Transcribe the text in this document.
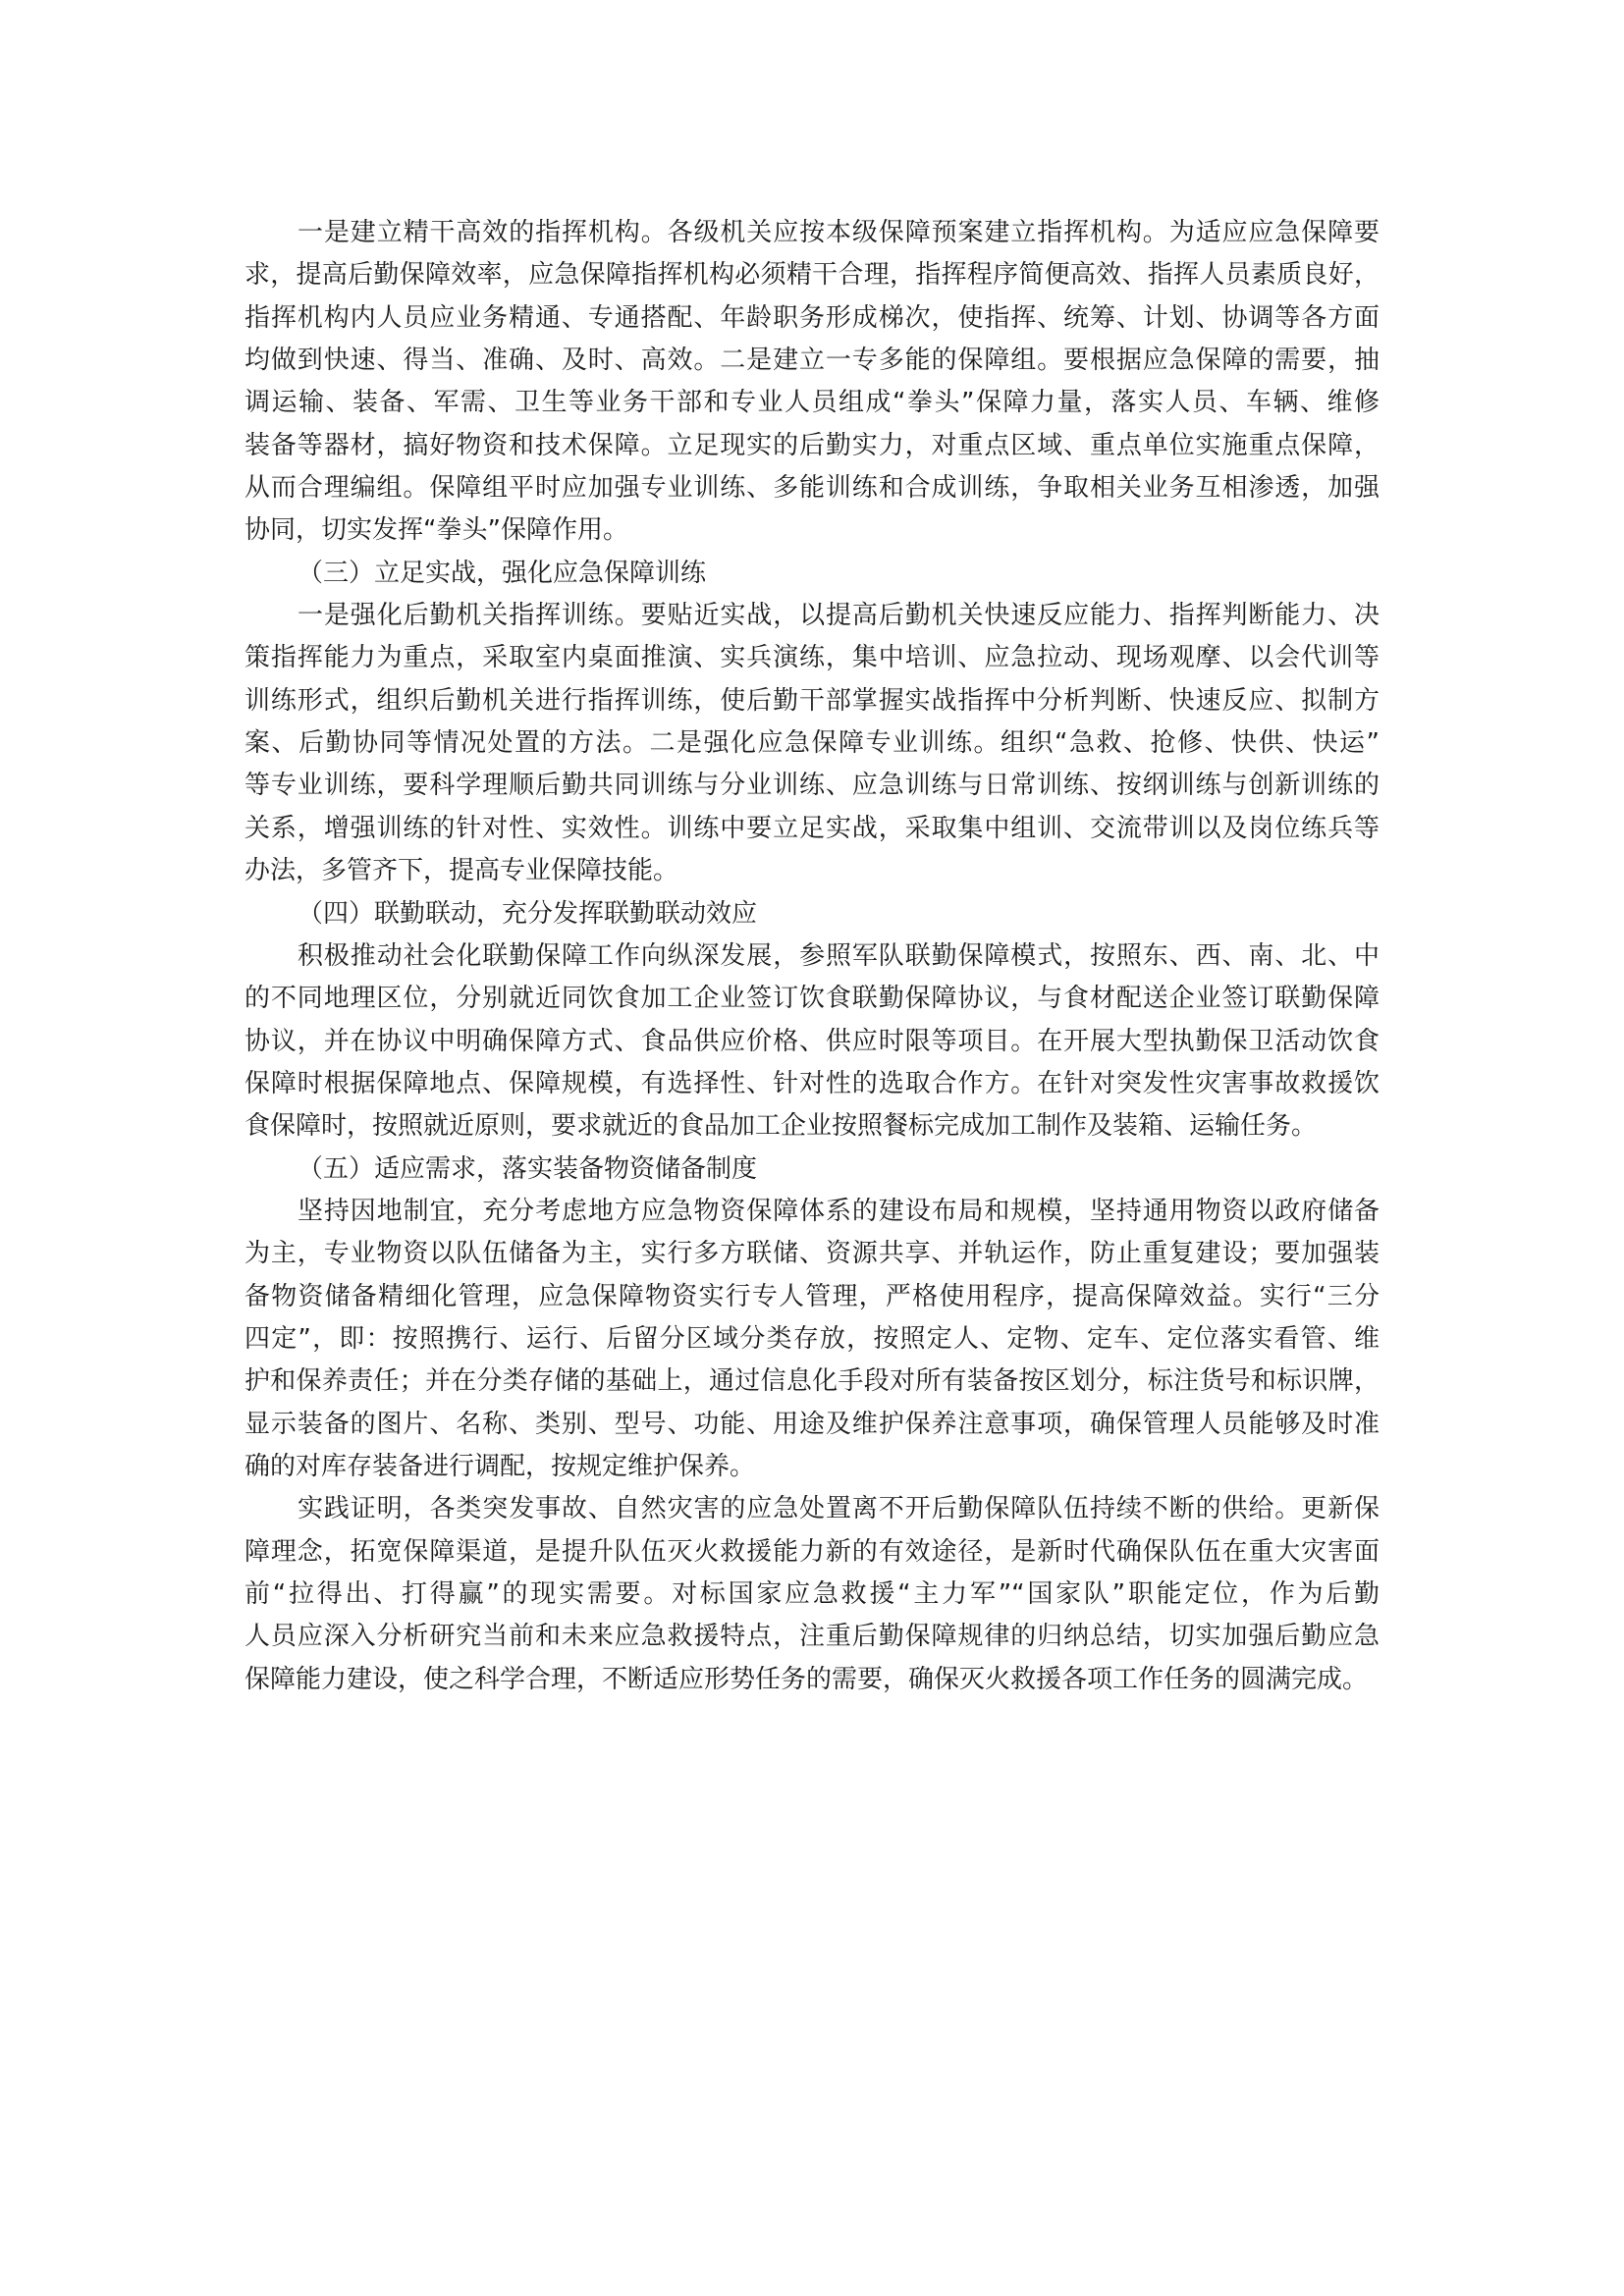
一是建立精干高效的指挥机构。各级机关应按本级保障预案建立指挥机构。为适应应急保障要
求，提高后勤保障效率，应急保障指挥机构必须精干合理，指挥程序简便高效、指挥人员素质良好，
指挥机构内人员应业务精通、专通搭配、年龄职务形成梯次，使指挥、统筹、计划、协调等各方面
均做到快速、得当、准确、及时、高效。二是建立一专多能的保障组。要根据应急保障的需要，抽
调运输、装备、军需、卫生等业务干部和专业人员组成“拳头”保障力量，落实人员、车辆、维修
装备等器材，搞好物资和技术保障。立足现实的后勤实力，对重点区域、重点单位实施重点保障，
从而合理编组。保障组平时应加强专业训练、多能训练和合成训练，争取相关业务互相渗透，加强
协同，切实发挥“拳头”保障作用。
（三）立足实战，强化应急保障训练
一是强化后勤机关指挥训练。要贴近实战，以提高后勤机关快速反应能力、指挥判断能力、决
策指挥能力为重点，采取室内桌面推演、实兵演练，集中培训、应急拉动、现场观摩、以会代训等
训练形式，组织后勤机关进行指挥训练，使后勤干部掌握实战指挥中分析判断、快速反应、拟制方
案、后勤协同等情况处置的方法。二是强化应急保障专业训练。组织“急救、抢修、快供、快运”
等专业训练，要科学理顺后勤共同训练与分业训练、应急训练与日常训练、按纲训练与创新训练的
关系，增强训练的针对性、实效性。训练中要立足实战，采取集中组训、交流带训以及岗位练兵等
办法，多管齐下，提高专业保障技能。
（四）联勤联动，充分发挥联勤联动效应
积极推动社会化联勤保障工作向纵深发展，参照军队联勤保障模式，按照东、西、南、北、中
的不同地理区位，分别就近同饮食加工企业签订饮食联勤保障协议，与食材配送企业签订联勤保障
协议，并在协议中明确保障方式、食品供应价格、供应时限等项目。在开展大型执勤保卫活动饮食
保障时根据保障地点、保障规模，有选择性、针对性的选取合作方。在针对突发性灾害事故救援饮
食保障时，按照就近原则，要求就近的食品加工企业按照餐标完成加工制作及装箱、运输任务。
（五）适应需求，落实装备物资储备制度
坚持因地制宜，充分考虑地方应急物资保障体系的建设布局和规模，坚持通用物资以政府储备
为主，专业物资以队伍储备为主，实行多方联储、资源共享、并轨运作，防止重复建设；要加强装
备物资储备精细化管理，应急保障物资实行专人管理，严格使用程序，提高保障效益。实行“三分
四定”，即：按照携行、运行、后留分区域分类存放，按照定人、定物、定车、定位落实看管、维
护和保养责任；并在分类存储的基础上，通过信息化手段对所有装备按区划分，标注货号和标识牌，
显示装备的图片、名称、类别、型号、功能、用途及维护保养注意事项，确保管理人员能够及时准
确的对库存装备进行调配，按规定维护保养。
实践证明，各类突发事故、自然灾害的应急处置离不开后勤保障队伍持续不断的供给。更新保
障理念，拓宽保障渠道，是提升队伍灭火救援能力新的有效途径，是新时代确保队伍在重大灾害面
前“拉得出、打得赢”的现实需要。对标国家应急救援“主力军”“国家队”职能定位，作为后勤
人员应深入分析研究当前和未来应急救援特点，注重后勤保障规律的归纳总结，切实加强后勤应急
保障能力建设，使之科学合理，不断适应形势任务的需要，确保灭火救援各项工作任务的圆满完成。
